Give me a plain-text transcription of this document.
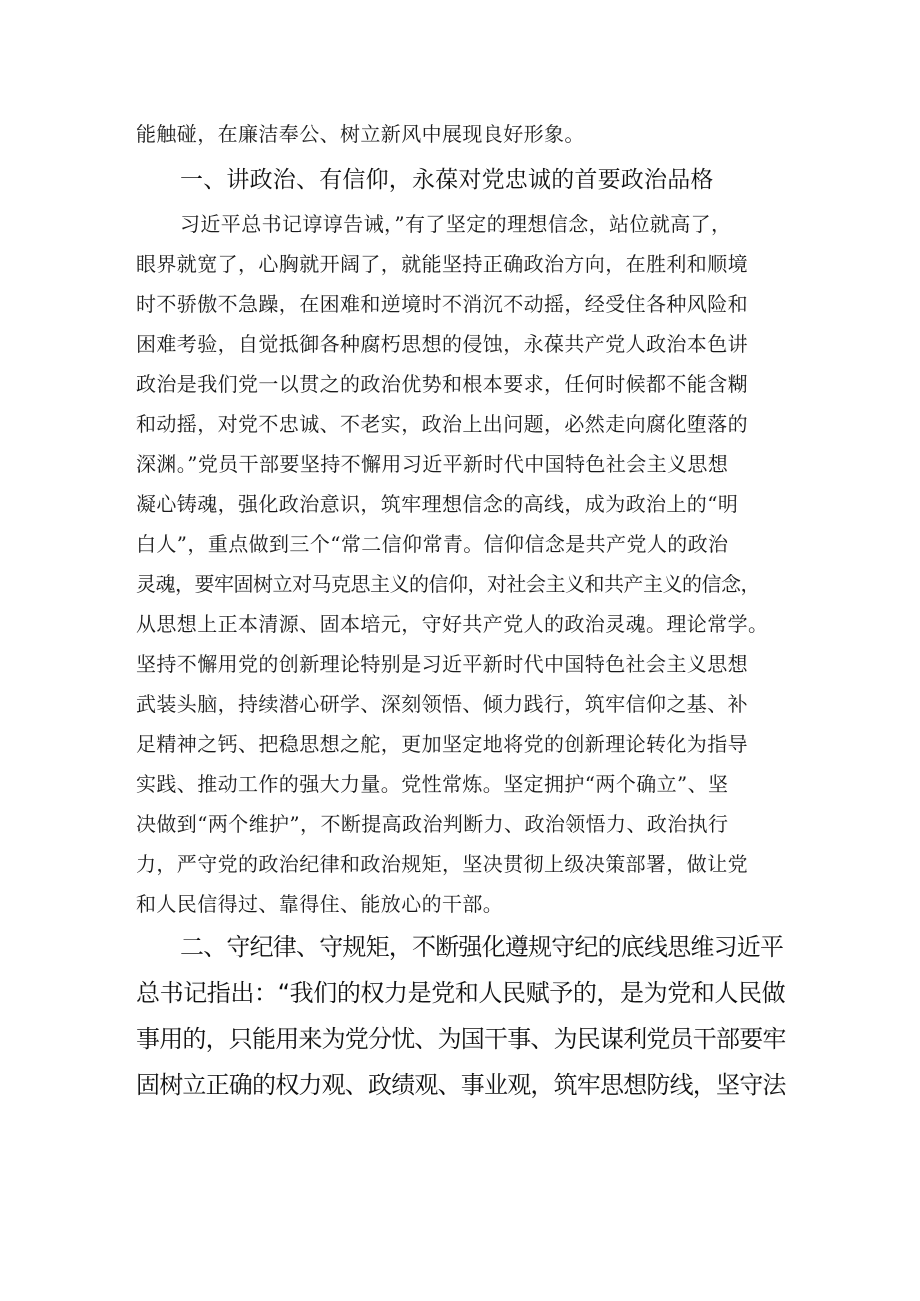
能触碰，在廉洁奉公、树立新风中展现良好形象。
一、讲政治、有信仰，永葆对党忠诚的首要政治品格
习近平总书记谆谆告诫，”有了坚定的理想信念，站位就高了，
眼界就宽了，心胸就开阔了，就能坚持正确政治方向，在胜利和顺境
时不骄傲不急躁，在困难和逆境时不消沉不动摇，经受住各种风险和
困难考验，自觉抵御各种腐朽思想的侵蚀，永葆共产党人政治本色讲
政治是我们党一以贯之的政治优势和根本要求，任何时候都不能含糊
和动摇，对党不忠诚、不老实，政治上出问题，必然走向腐化堕落的
深渊。”党员干部要坚持不懈用习近平新时代中国特色社会主义思想
凝心铸魂，强化政治意识，筑牢理想信念的高线，成为政治上的“明
白人”，重点做到三个“常二信仰常青。信仰信念是共产党人的政治
灵魂，要牢固树立对马克思主义的信仰，对社会主义和共产主义的信念，
从思想上正本清源、固本培元，守好共产党人的政治灵魂。理论常学。
坚持不懈用党的创新理论特别是习近平新时代中国特色社会主义思想
武装头脑，持续潜心研学、深刻领悟、倾力践行，筑牢信仰之基、补
足精神之钙、把稳思想之舵，更加坚定地将党的创新理论转化为指导
实践、推动工作的强大力量。党性常炼。坚定拥护“两个确立”、坚
决做到“两个维护”，不断提高政治判断力、政治领悟力、政治执行
力，严守党的政治纪律和政治规矩，坚决贯彻上级决策部署，做让党
和人民信得过、靠得住、能放心的干部。
二、守纪律、守规矩，不断强化遵规守纪的底线思维习近平
总书记指出：“我们的权力是党和人民赋予的，是为党和人民做
事用的，只能用来为党分忧、为国干事、为民谋利党员干部要牢
固树立正确的权力观、政绩观、事业观，筑牢思想防线，坚守法
